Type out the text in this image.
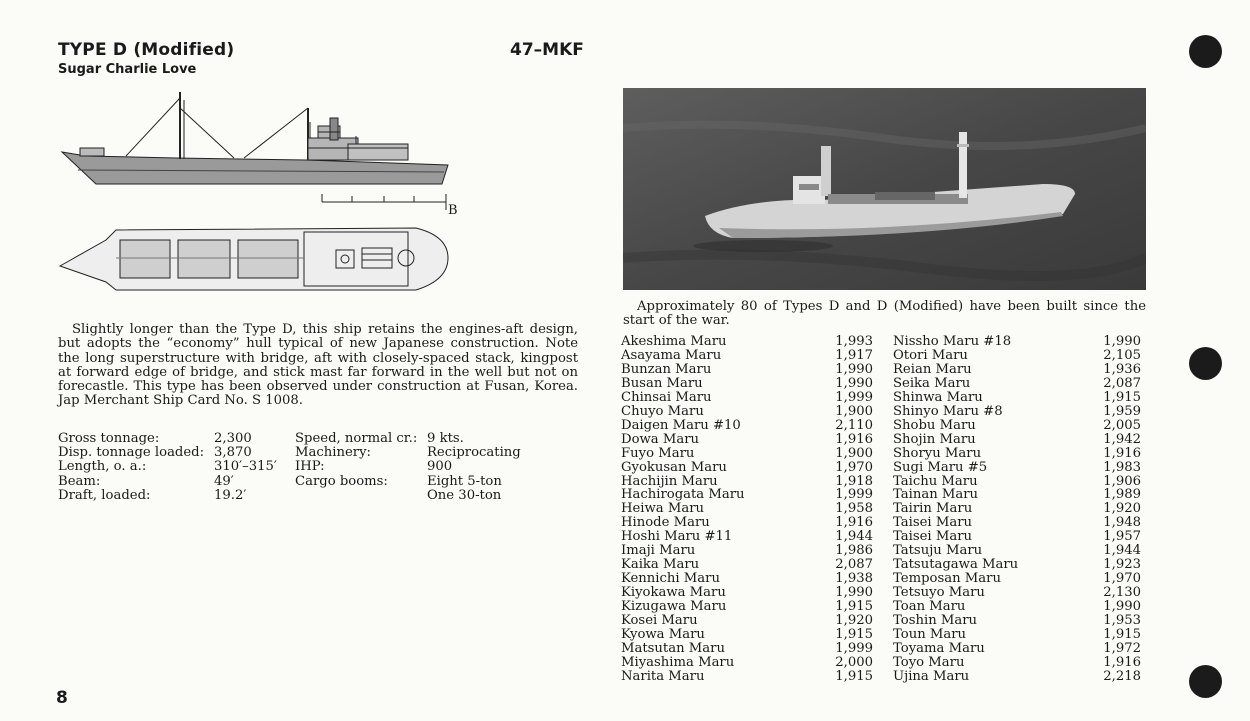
TYPE D (Modified)
Sugar Charlie Love
47–MKF
B

Slightly longer than the Type D, this ship retains the engines-aft design, but adopts the “economy” hull typical of new Japanese construction. Note the long superstructure with bridge, aft with closely-spaced stack, kingpost at forward edge of bridge, and stick mast far forward in the well but not on forecastle. This type has been observed under construction at Fusan, Korea. Jap Merchant Ship Card No. S 1008.

Gross tonnage:
Disp. tonnage loaded:
Length, o. a.:
Beam:
Draft, loaded:
2,300
3,870
310′–315′
49′
19.2′
Speed, normal cr.:
Machinery:
IHP:
Cargo booms:
9 kts.
Reciprocating
900
Eight 5-ton
One 30-ton
Approximately 80 of Types D and D (Modified) have been built since the start of the war.
Akeshima Maru
Asayama Maru
Bunzan Maru
Busan Maru
Chinsai Maru
Chuyo Maru
Daigen Maru #10
Dowa Maru
Fuyo Maru
Gyokusan Maru
Hachijin Maru
Hachirogata Maru
Heiwa Maru
Hinode Maru
Hoshi Maru #11
Imaji Maru
Kaika Maru
Kennichi Maru
Kiyokawa Maru
Kizugawa Maru
Kosei Maru
Kyowa Maru
Matsutan Maru
Miyashima Maru
Narita Maru
1,993
1,917
1,990
1,990
1,999
1,900
2,110
1,916
1,900
1,970
1,918
1,999
1,958
1,916
1,944
1,986
2,087
1,938
1,990
1,915
1,920
1,915
1,999
2,000
1,915
Nissho Maru #18
Otori Maru
Reian Maru
Seika Maru
Shinwa Maru
Shinyo Maru #8
Shobu Maru
Shojin Maru
Shoryu Maru
Sugi Maru #5
Taichu Maru
Tainan Maru
Tairin Maru
Taisei Maru
Taisei Maru
Tatsuju Maru
Tatsutagawa Maru
Temposan Maru
Tetsuyo Maru
Toan Maru
Toshin Maru
Toun Maru
Toyama Maru
Toyo Maru
Ujina Maru
1,990
2,105
1,936
2,087
1,915
1,959
2,005
1,942
1,916
1,983
1,906
1,989
1,920
1,948
1,957
1,944
1,923
1,970
2,130
1,990
1,953
1,915
1,972
1,916
2,218
8
